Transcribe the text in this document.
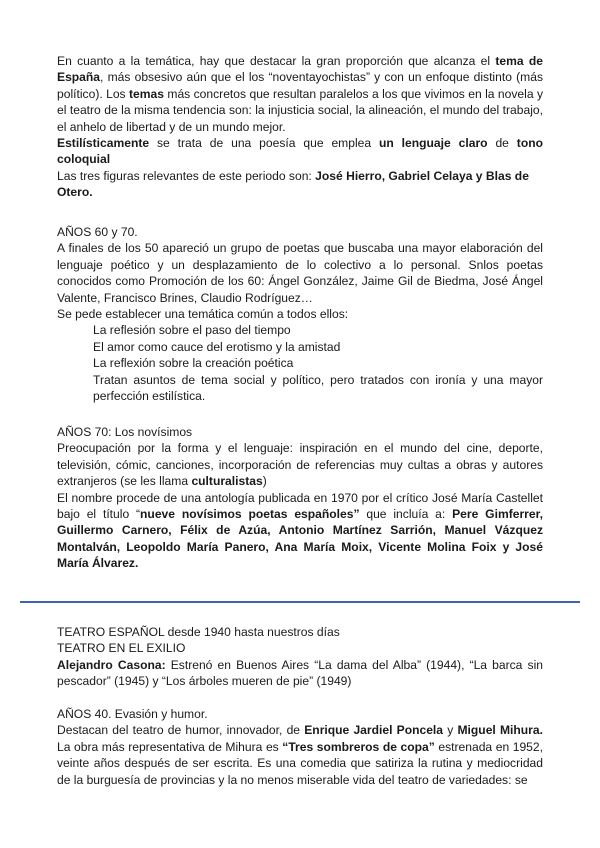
En cuanto a la temática, hay que destacar la gran proporción que alcanza el tema de España, más obsesivo aún que el los “noventayochistas” y con un enfoque distinto (más político). Los temas más concretos que resultan paralelos a los que vivimos en la novela y el teatro de la misma tendencia son: la injusticia social, la alineación, el mundo del trabajo, el anhelo de libertad y de un mundo mejor.

Estilísticamente se trata de una poesía que emplea un lenguaje claro de tono coloquial

Las tres figuras relevantes de este periodo son: José Hierro, Gabriel Celaya y Blas de Otero.

AÑOS 60 y 70.

A finales de los 50 apareció un grupo de poetas que buscaba una mayor elaboración del lenguaje poético y un desplazamiento de lo colectivo a lo personal. Snlos poetas conocidos como Promoción de los 60: Ángel González, Jaime Gil de Biedma, José Ángel Valente, Francisco Brines, Claudio Rodríguez…

Se pede establecer una temática común a todos ellos:

La reflesión sobre el paso del tiempo

El amor como cauce del erotismo y la amistad

La reflexión sobre la creación poética

Tratan asuntos de tema social y político, pero tratados con ironía y una mayor perfección estilística.

AÑOS 70: Los novísimos

Preocupación por la forma y el lenguaje: inspiración en el mundo del cine, deporte, televisión, cómic, canciones, incorporación de referencias muy cultas a obras y autores extranjeros (se les llama culturalistas)

El nombre procede de una antología publicada en 1970 por el crítico José María Castellet bajo el título “nueve novísimos poetas españoles” que incluía a: Pere Gimferrer, Guillermo Carnero, Félix de Azúa, Antonio Martínez Sarrión, Manuel Vázquez Montalván, Leopoldo María Panero, Ana María Moix, Vicente Molina Foix y José María Álvarez.

TEATRO ESPAÑOL desde 1940 hasta nuestros días

TEATRO EN EL EXILIO

Alejandro Casona: Estrenó en Buenos Aires “La dama del Alba” (1944), “La barca sin pescador” (1945) y “Los árboles mueren de pie” (1949)

AÑOS 40. Evasión y humor.

Destacan del teatro de humor, innovador, de Enrique Jardiel Poncela y Miguel Mihura. La obra más representativa de Mihura es “Tres sombreros de copa” estrenada en 1952, veinte años después de ser escrita. Es una comedia que satiriza la rutina y mediocridad de la burguesía de provincias y la no menos miserable vida del teatro de variedades: se
